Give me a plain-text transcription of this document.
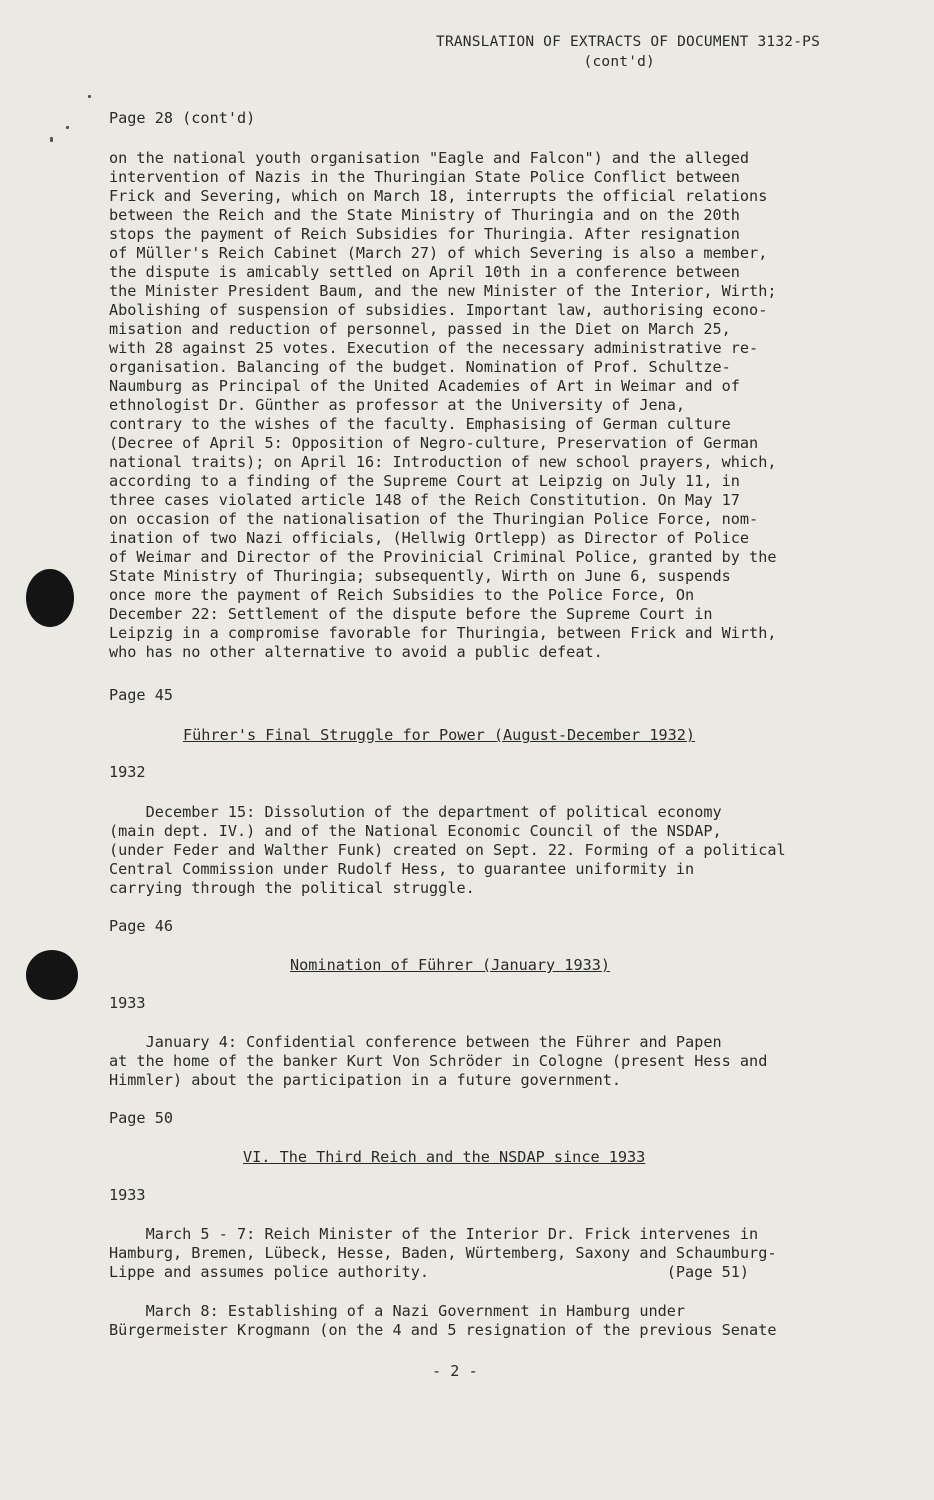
TRANSLATION OF EXTRACTS OF DOCUMENT 3132-PS
(cont'd)
Page 28 (cont'd)
on the national youth organisation "Eagle and Falcon") and the alleged
intervention of Nazis in the Thuringian State Police Conflict between
Frick and Severing, which on March 18, interrupts the official relations
between the Reich and the State Ministry of Thuringia and on the 20th
stops the payment of Reich Subsidies for Thuringia. After resignation
of Müller's Reich Cabinet (March 27) of which Severing is also a member,
the dispute is amicably settled on April 10th in a conference between
the Minister President Baum, and the new Minister of the Interior, Wirth;
Abolishing of suspension of subsidies. Important law, authorising econo-
misation and reduction of personnel, passed in the Diet on March 25,
with 28 against 25 votes. Execution of the necessary administrative re-
organisation. Balancing of the budget. Nomination of Prof. Schultze-
Naumburg as Principal of the United Academies of Art in Weimar and of
ethnologist Dr. Günther as professor at the University of Jena,
contrary to the wishes of the faculty. Emphasising of German culture
(Decree of April 5: Opposition of Negro-culture, Preservation of German
national traits); on April 16: Introduction of new school prayers, which,
according to a finding of the Supreme Court at Leipzig on July 11, in
three cases violated article 148 of the Reich Constitution. On May 17
on occasion of the nationalisation of the Thuringian Police Force, nom-
ination of two Nazi officials, (Hellwig Ortlepp) as Director of Police
of Weimar and Director of the Provinicial Criminal Police, granted by the
State Ministry of Thuringia; subsequently, Wirth on June 6, suspends
once more the payment of Reich Subsidies to the Police Force, On
December 22: Settlement of the dispute before the Supreme Court in
Leipzig in a compromise favorable for Thuringia, between Frick and Wirth,
who has no other alternative to avoid a public defeat.
Page 45
Führer's Final Struggle for Power (August-December 1932)
1932
December 15: Dissolution of the department of political economy
(main dept. IV.) and of the National Economic Council of the NSDAP,
(under Feder and Walther Funk) created on Sept. 22. Forming of a political
Central Commission under Rudolf Hess, to guarantee uniformity in
carrying through the political struggle.
Page 46
Nomination of Führer (January 1933)
1933
January 4: Confidential conference between the Führer and Papen
at the home of the banker Kurt Von Schröder in Cologne (present Hess and
Himmler) about the participation in a future government.
Page 50
VI. The Third Reich and the NSDAP since 1933
1933
March 5 - 7: Reich Minister of the Interior Dr. Frick intervenes in
Hamburg, Bremen, Lübeck, Hesse, Baden, Würtemberg, Saxony and Schaumburg-
Lippe and assumes police authority.                          (Page 51)
March 8: Establishing of a Nazi Government in Hamburg under
Bürgermeister Krogmann (on the 4 and 5 resignation of the previous Senate
- 2 -
